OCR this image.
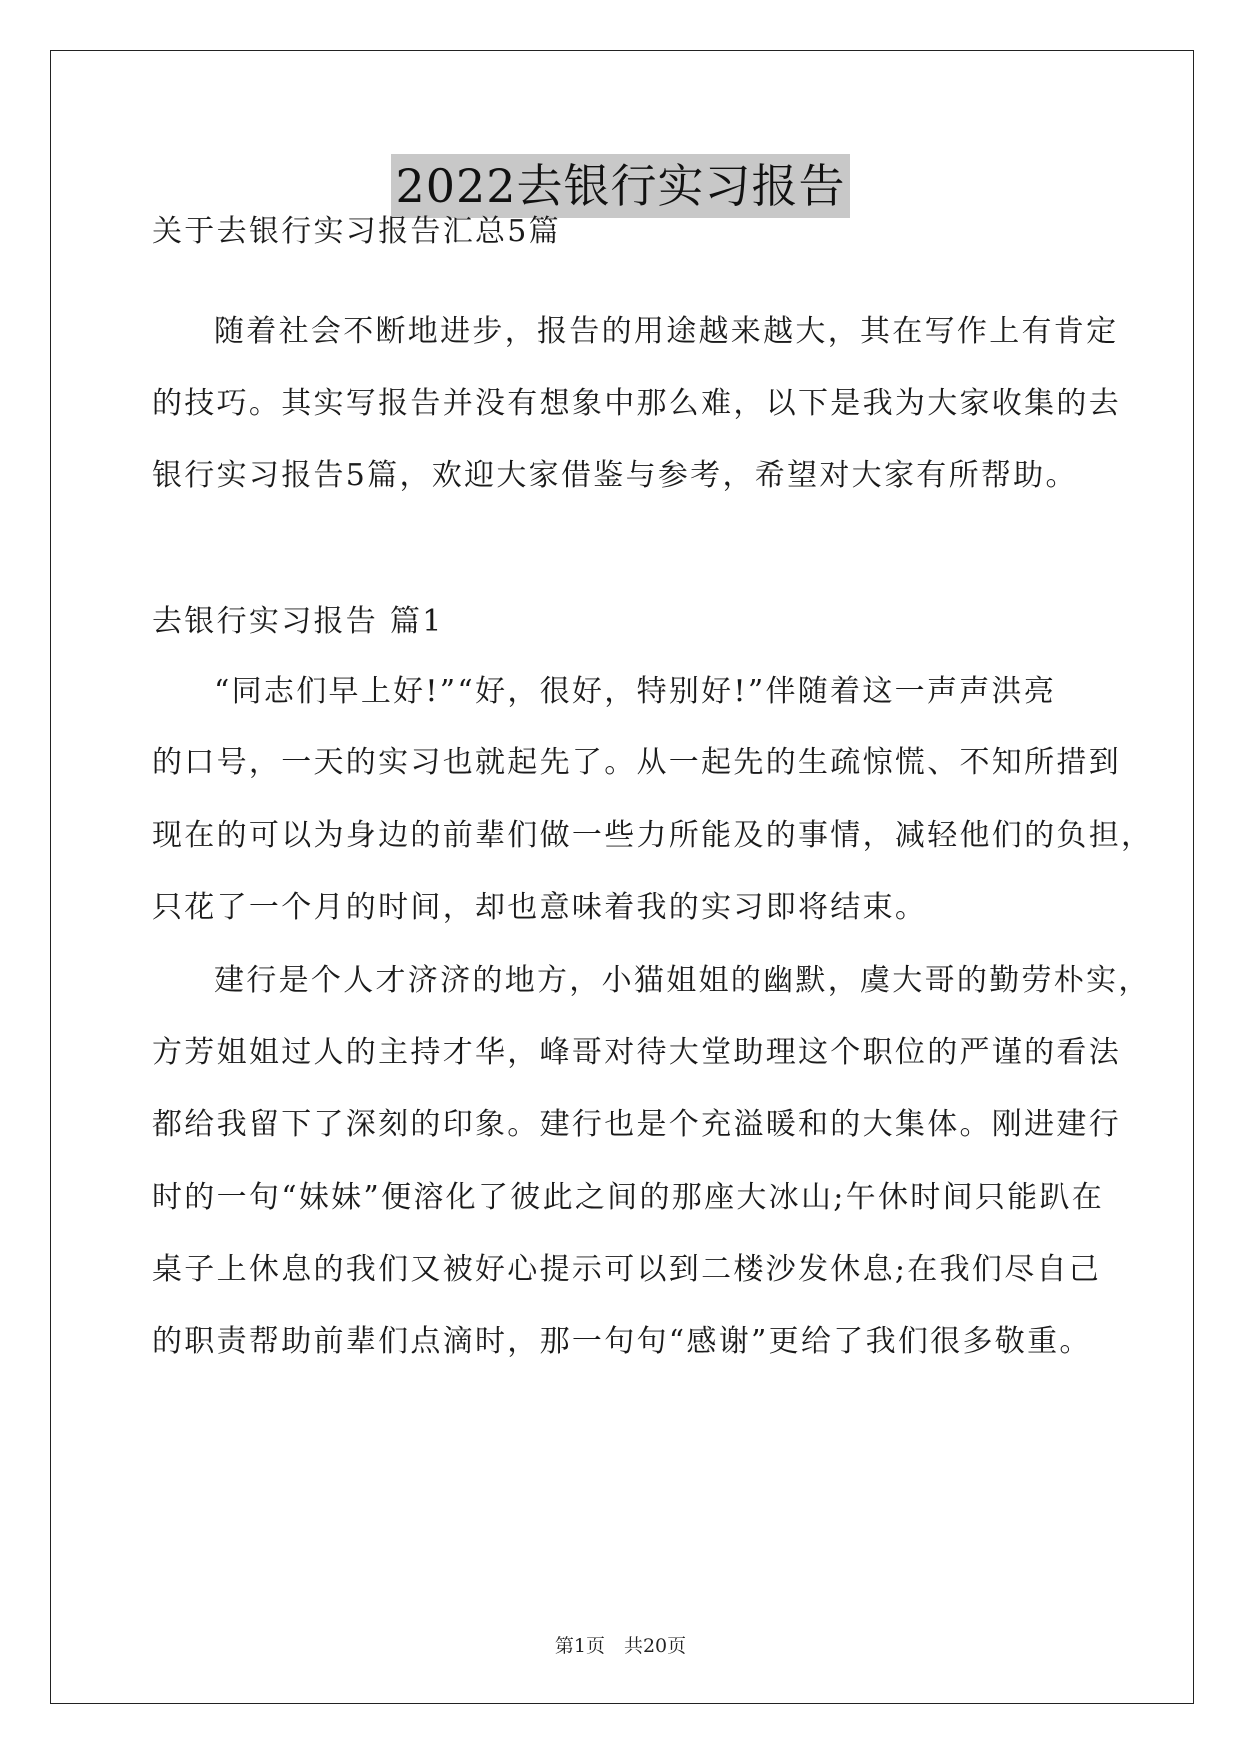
2022去银行实习报告
关于去银行实习报告汇总5篇
随着社会不断地进步，报告的用途越来越大，其在写作上有肯定
的技巧。其实写报告并没有想象中那么难，以下是我为大家收集的去
银行实习报告5篇，欢迎大家借鉴与参考，希望对大家有所帮助。
去银行实习报告 篇1
“同志们早上好!”“好，很好，特别好!”伴随着这一声声洪亮
的口号，一天的实习也就起先了。从一起先的生疏惊慌、不知所措到
现在的可以为身边的前辈们做一些力所能及的事情，减轻他们的负担，
只花了一个月的时间，却也意味着我的实习即将结束。
建行是个人才济济的地方，小猫姐姐的幽默，虞大哥的勤劳朴实，
方芳姐姐过人的主持才华，峰哥对待大堂助理这个职位的严谨的看法
都给我留下了深刻的印象。建行也是个充溢暖和的大集体。刚进建行
时的一句“妹妹”便溶化了彼此之间的那座大冰山;午休时间只能趴在
桌子上休息的我们又被好心提示可以到二楼沙发休息;在我们尽自己
的职责帮助前辈们点滴时，那一句句“感谢”更给了我们很多敬重。
第1页　共20页
